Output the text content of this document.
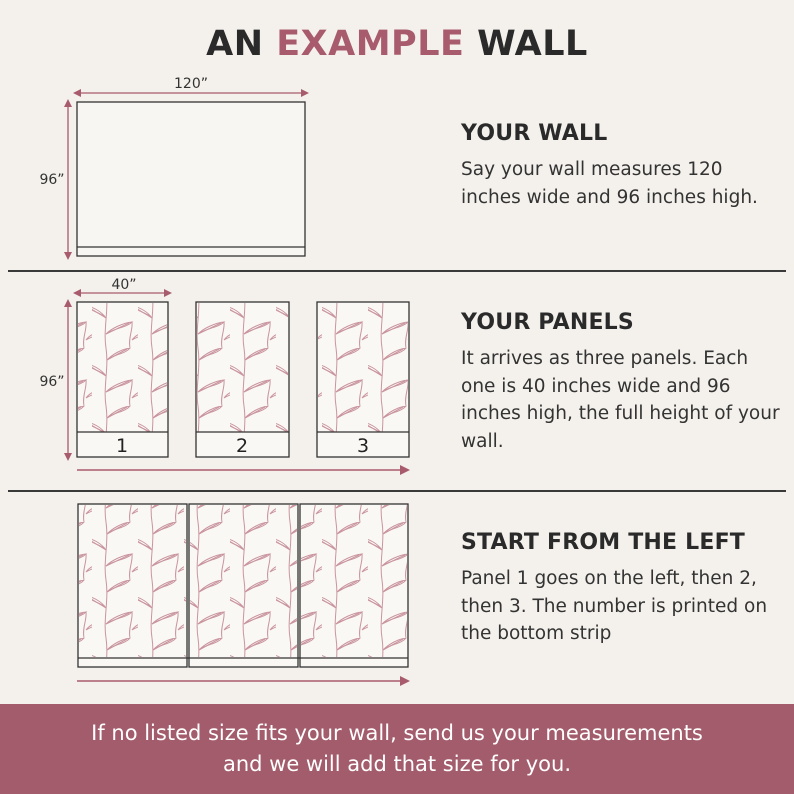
AN EXAMPLE WALL
120”
96”
40”
96”
1	2	3
YOUR WALL

Say your wall measures 120 inches wide and 96 inches high.

YOUR PANELS

It arrives as three panels. Each one is 40 inches wide and 96 inches high, the full height of your wall.

START FROM THE LEFT

Panel 1 goes on the left, then 2, then 3. The number is printed on the bottom strip

If no listed size fits your wall, send us your measurements
and we will add that size for you.
